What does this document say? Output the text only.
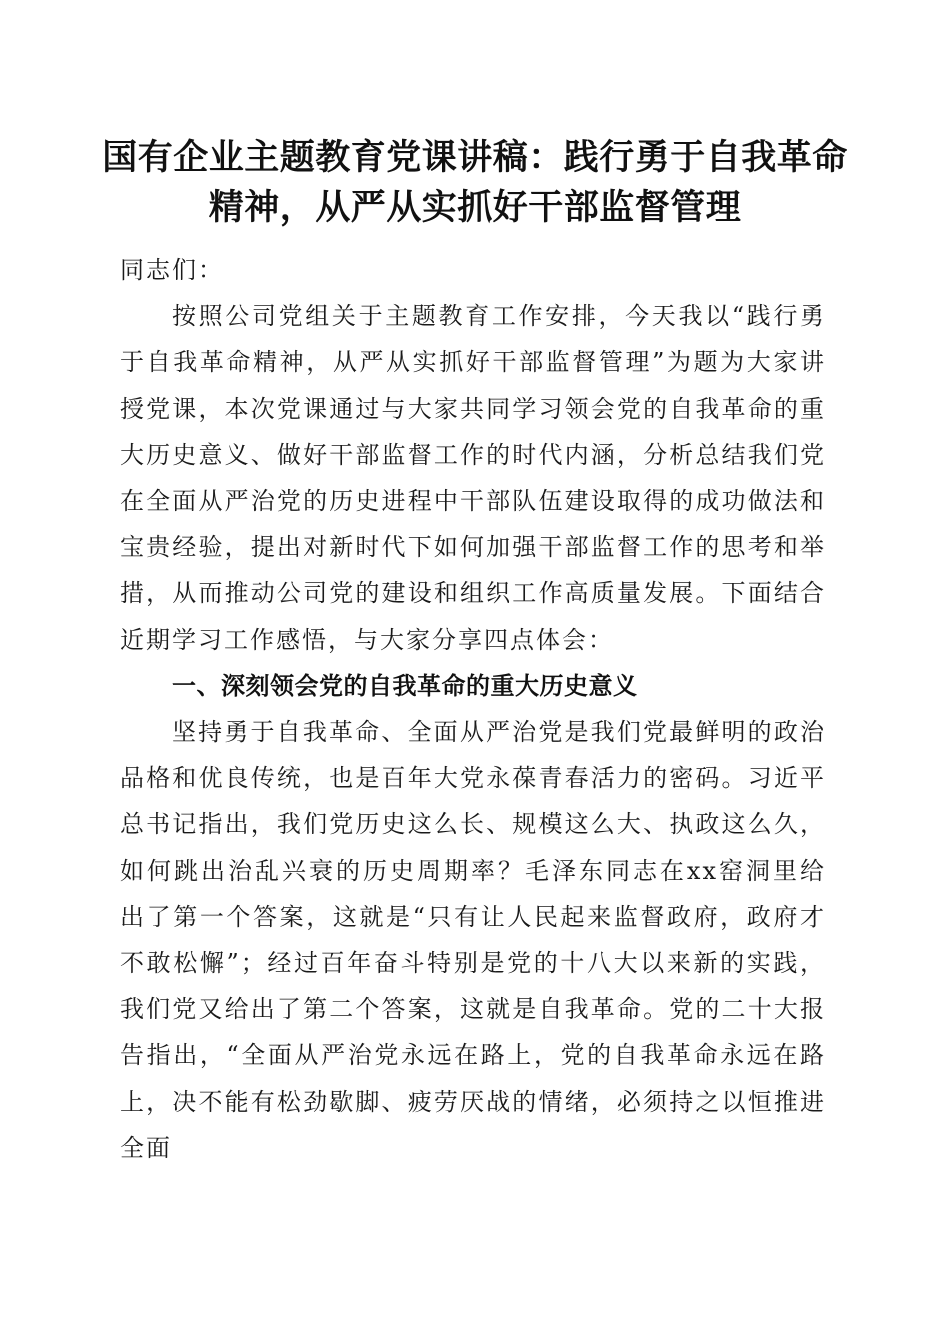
国有企业主题教育党课讲稿：践行勇于自我革命精神，从严从实抓好干部监督管理

同志们：

按照公司党组关于主题教育工作安排，今天我以“践行勇于自我革命精神，从严从实抓好干部监督管理”为题为大家讲授党课，本次党课通过与大家共同学习领会党的自我革命的重大历史意义、做好干部监督工作的时代内涵，分析总结我们党在全面从严治党的历史进程中干部队伍建设取得的成功做法和宝贵经验，提出对新时代下如何加强干部监督工作的思考和举措，从而推动公司党的建设和组织工作高质量发展。下面结合近期学习工作感悟，与大家分享四点体会：

一、深刻领会党的自我革命的重大历史意义

坚持勇于自我革命、全面从严治党是我们党最鲜明的政治品格和优良传统，也是百年大党永葆青春活力的密码。习近平总书记指出，我们党历史这么长、规模这么大、执政这么久，如何跳出治乱兴衰的历史周期率？毛泽东同志在xx窑洞里给出了第一个答案，这就是“只有让人民起来监督政府，政府才不敢松懈”；经过百年奋斗特别是党的十八大以来新的实践，我们党又给出了第二个答案，这就是自我革命。党的二十大报告指出，“全面从严治党永远在路上，党的自我革命永远在路上，决不能有松劲歇脚、疲劳厌战的情绪，必须持之以恒推进全面
